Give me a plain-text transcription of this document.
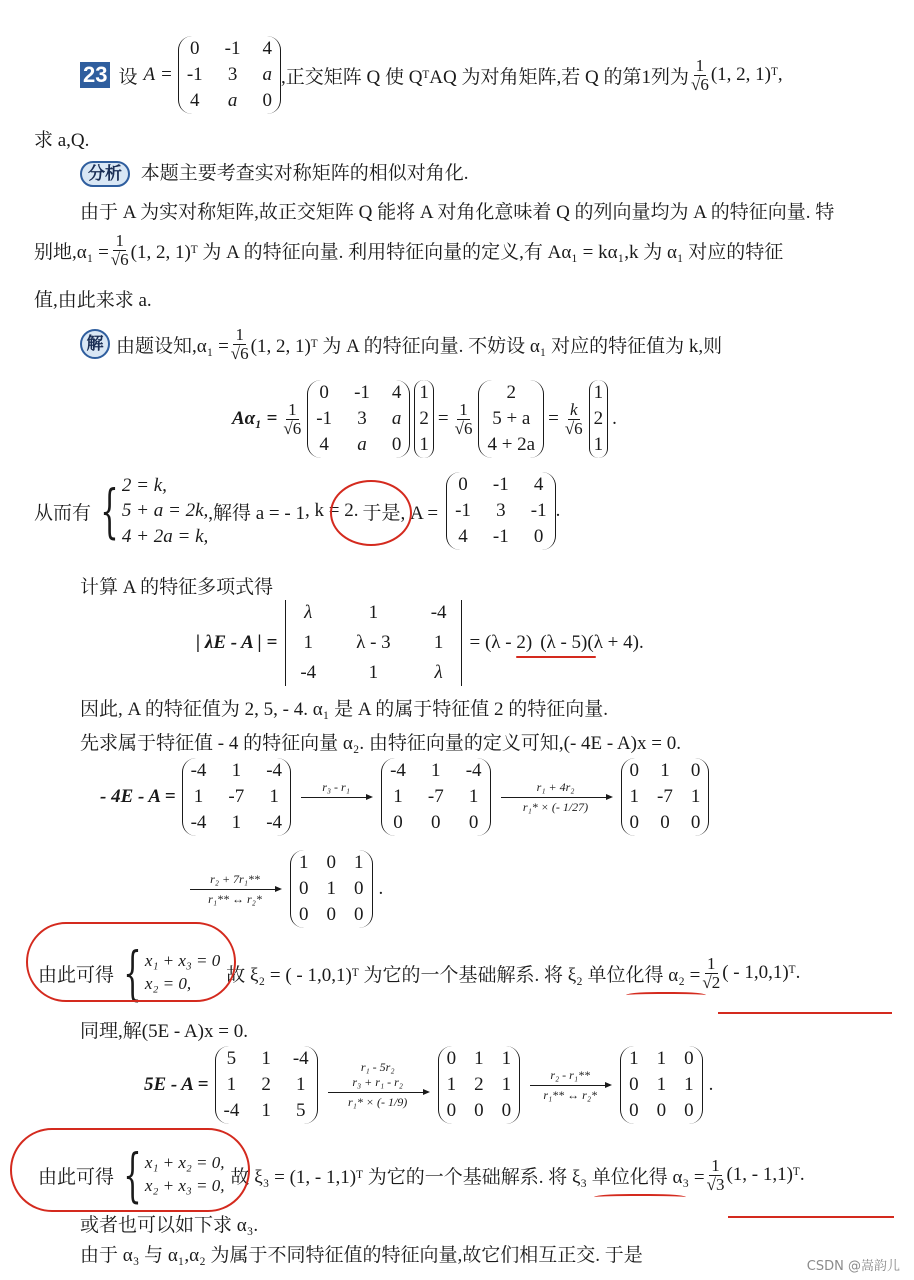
23 设 A =
0 -1 4
-1 3 a
4 a 0
,正交矩阵 Q 使 QᵀAQ 为对角矩阵,若 Q 的第1列为 $\frac{1}{√6} (1$, 2, 1)ᵀ,
求 a,Q.
分析 本题主要考查实对称矩阵的相似对角化.
由于 A 为实对称矩阵,故正交矩阵 Q 能将 A 对角化意味着 Q 的列向量均为 A 的特征向量. 特
别地$,\alpha_1 = \frac{1}{√6} (1$, 2, 1)ᵀ 为 A 的特征向量. 利用特征向量的定义,有 Aα₁ = kα₁,k 为 α₁ 对应的特征
值,由此来求 a.
解 由题设知$,\alpha_1 = \frac{1}{√6} (1$, 2, 1)ᵀ 为 A 的特征向量. 不妨设 α₁ 对应的特征值为 k,则
$A\alpha_1 = \frac{1}{√6}$
0 -1 4
-1 3 a
4 a 0
1
2
1
= $\frac{1}{√6}$
2
5 + a
4 + 2a
= $\frac{k}{√6}$
1
2
1
.
从而有 { 2 = k,
5 + a = 2k,
4 + 2a = k,
,解得 a = - 1 , k = 2. 于是, A =
0 -1 4
-1 3 -1
4 -1 0
.
计算 A 的特征多项式得
| λE - A | =
λ	1	-4
1 λ - 3 1
-4	1	λ
= (λ - 2) (λ - 5)(λ + 4).
因此, A 的特征值为 2, 5, - 4. α₁ 是 A 的属于特征值 2 的特征向量.
先求属于特征值 - 4 的特征向量 α₂. 由特征向量的定义可知,(- 4E - A)x = 0.
- 4E - A =
-4 1 -4
1 -7 1
-4 1 -4
r₃ - r₁

-4 1 -4
1 -7 1
0 0 0
r₁ + 4r₂
r₁* × (- 1/27)
0 1 0
1 -7 1
0 0 0
r₂ + 7r₁**
r₁** ↔ r₂*
1 0 1
0 1 0
0 0 0
.
由此可得 { x₁ + x₃ = 0
x₂ = 0,	故 ξ₂ = ( - 1,0,1)ᵀ 为它的一个基础解系. 将 ξ₂ 单位化得 $\alpha_2 = \frac{1}{√2}$ ( - 1,0,1)ᵀ.
同理,解(5E - A)x = 0.
5E - A =
5 1 -4
1 2 1
-4 1 5
r₁ - 5r₂
r₃ + r₁ - r₂
r₁* × (- 1/9)
0 1 1
1 2 1
0 0 0
r₂ - r₁**
r₁** ↔ r₂*
1 1 0
0 1 1
0 0 0
.
由此可得 { x₁ + x₂ = 0,
x₂ + x₃ = 0, 故 ξ₃ = (1, - 1,1)ᵀ 为它的一个基础解系. 将 ξ₃ 单位化得 $\alpha_3 = \frac{1}{√3} (1$, - 1,1)ᵀ.
或者也可以如下求 α₃.
由于 α₃ 与 α₁,α₂ 为属于不同特征值的特征向量,故它们相互正交. 于是
CSDN @嵩韵儿
